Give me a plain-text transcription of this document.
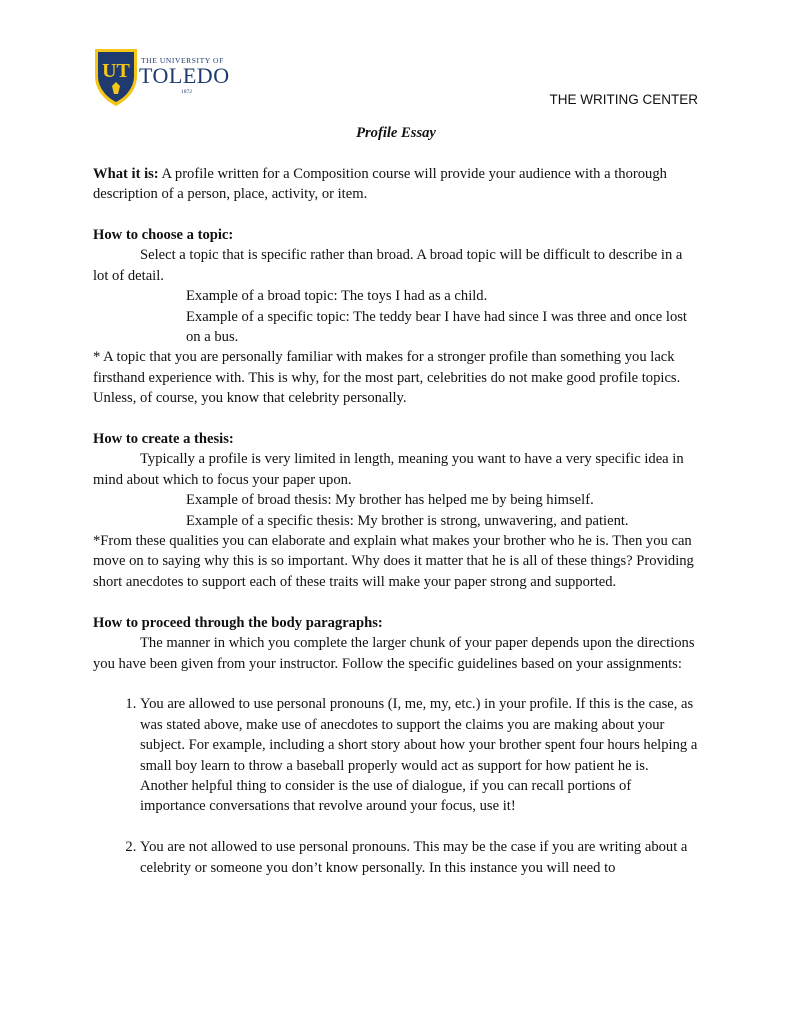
UT THE UNIVERSITY OF
TOLEDO
1872	THE WRITING CENTER

Profile Essay

What it is: A profile written for a Composition course will provide your audience with a thorough description of a person, place, activity, or item.

How to choose a topic:

Select a topic that is specific rather than broad. A broad topic will be difficult to describe in a lot of detail.

Example of a broad topic: The toys I had as a child.

Example of a specific topic: The teddy bear I have had since I was three and once lost on a bus.

* A topic that you are personally familiar with makes for a stronger profile than something you lack firsthand experience with. This is why, for the most part, celebrities do not make good profile topics. Unless, of course, you know that celebrity personally.

How to create a thesis:

Typically a profile is very limited in length, meaning you want to have a very specific idea in mind about which to focus your paper upon.

Example of broad thesis: My brother has helped me by being himself.

Example of a specific thesis: My brother is strong, unwavering, and patient.

*From these qualities you can elaborate and explain what makes your brother who he is. Then you can move on to saying why this is so important. Why does it matter that he is all of these things? Providing short anecdotes to support each of these traits will make your paper strong and supported.

How to proceed through the body paragraphs:

The manner in which you complete the larger chunk of your paper depends upon the directions you have been given from your instructor. Follow the specific guidelines based on your assignments:

1. You are allowed to use personal pronouns (I, me, my, etc.) in your profile. If this is the case, as was stated above, make use of anecdotes to support the claims you are making about your subject. For example, including a short story about how your brother spent four hours helping a small boy learn to throw a baseball properly would act as support for how patient he is. Another helpful thing to consider is the use of dialogue, if you can recall portions of importance conversations that revolve around your focus, use it!
2. You are not allowed to use personal pronouns. This may be the case if you are writing about a celebrity or someone you don’t know personally. In this instance you will need to
